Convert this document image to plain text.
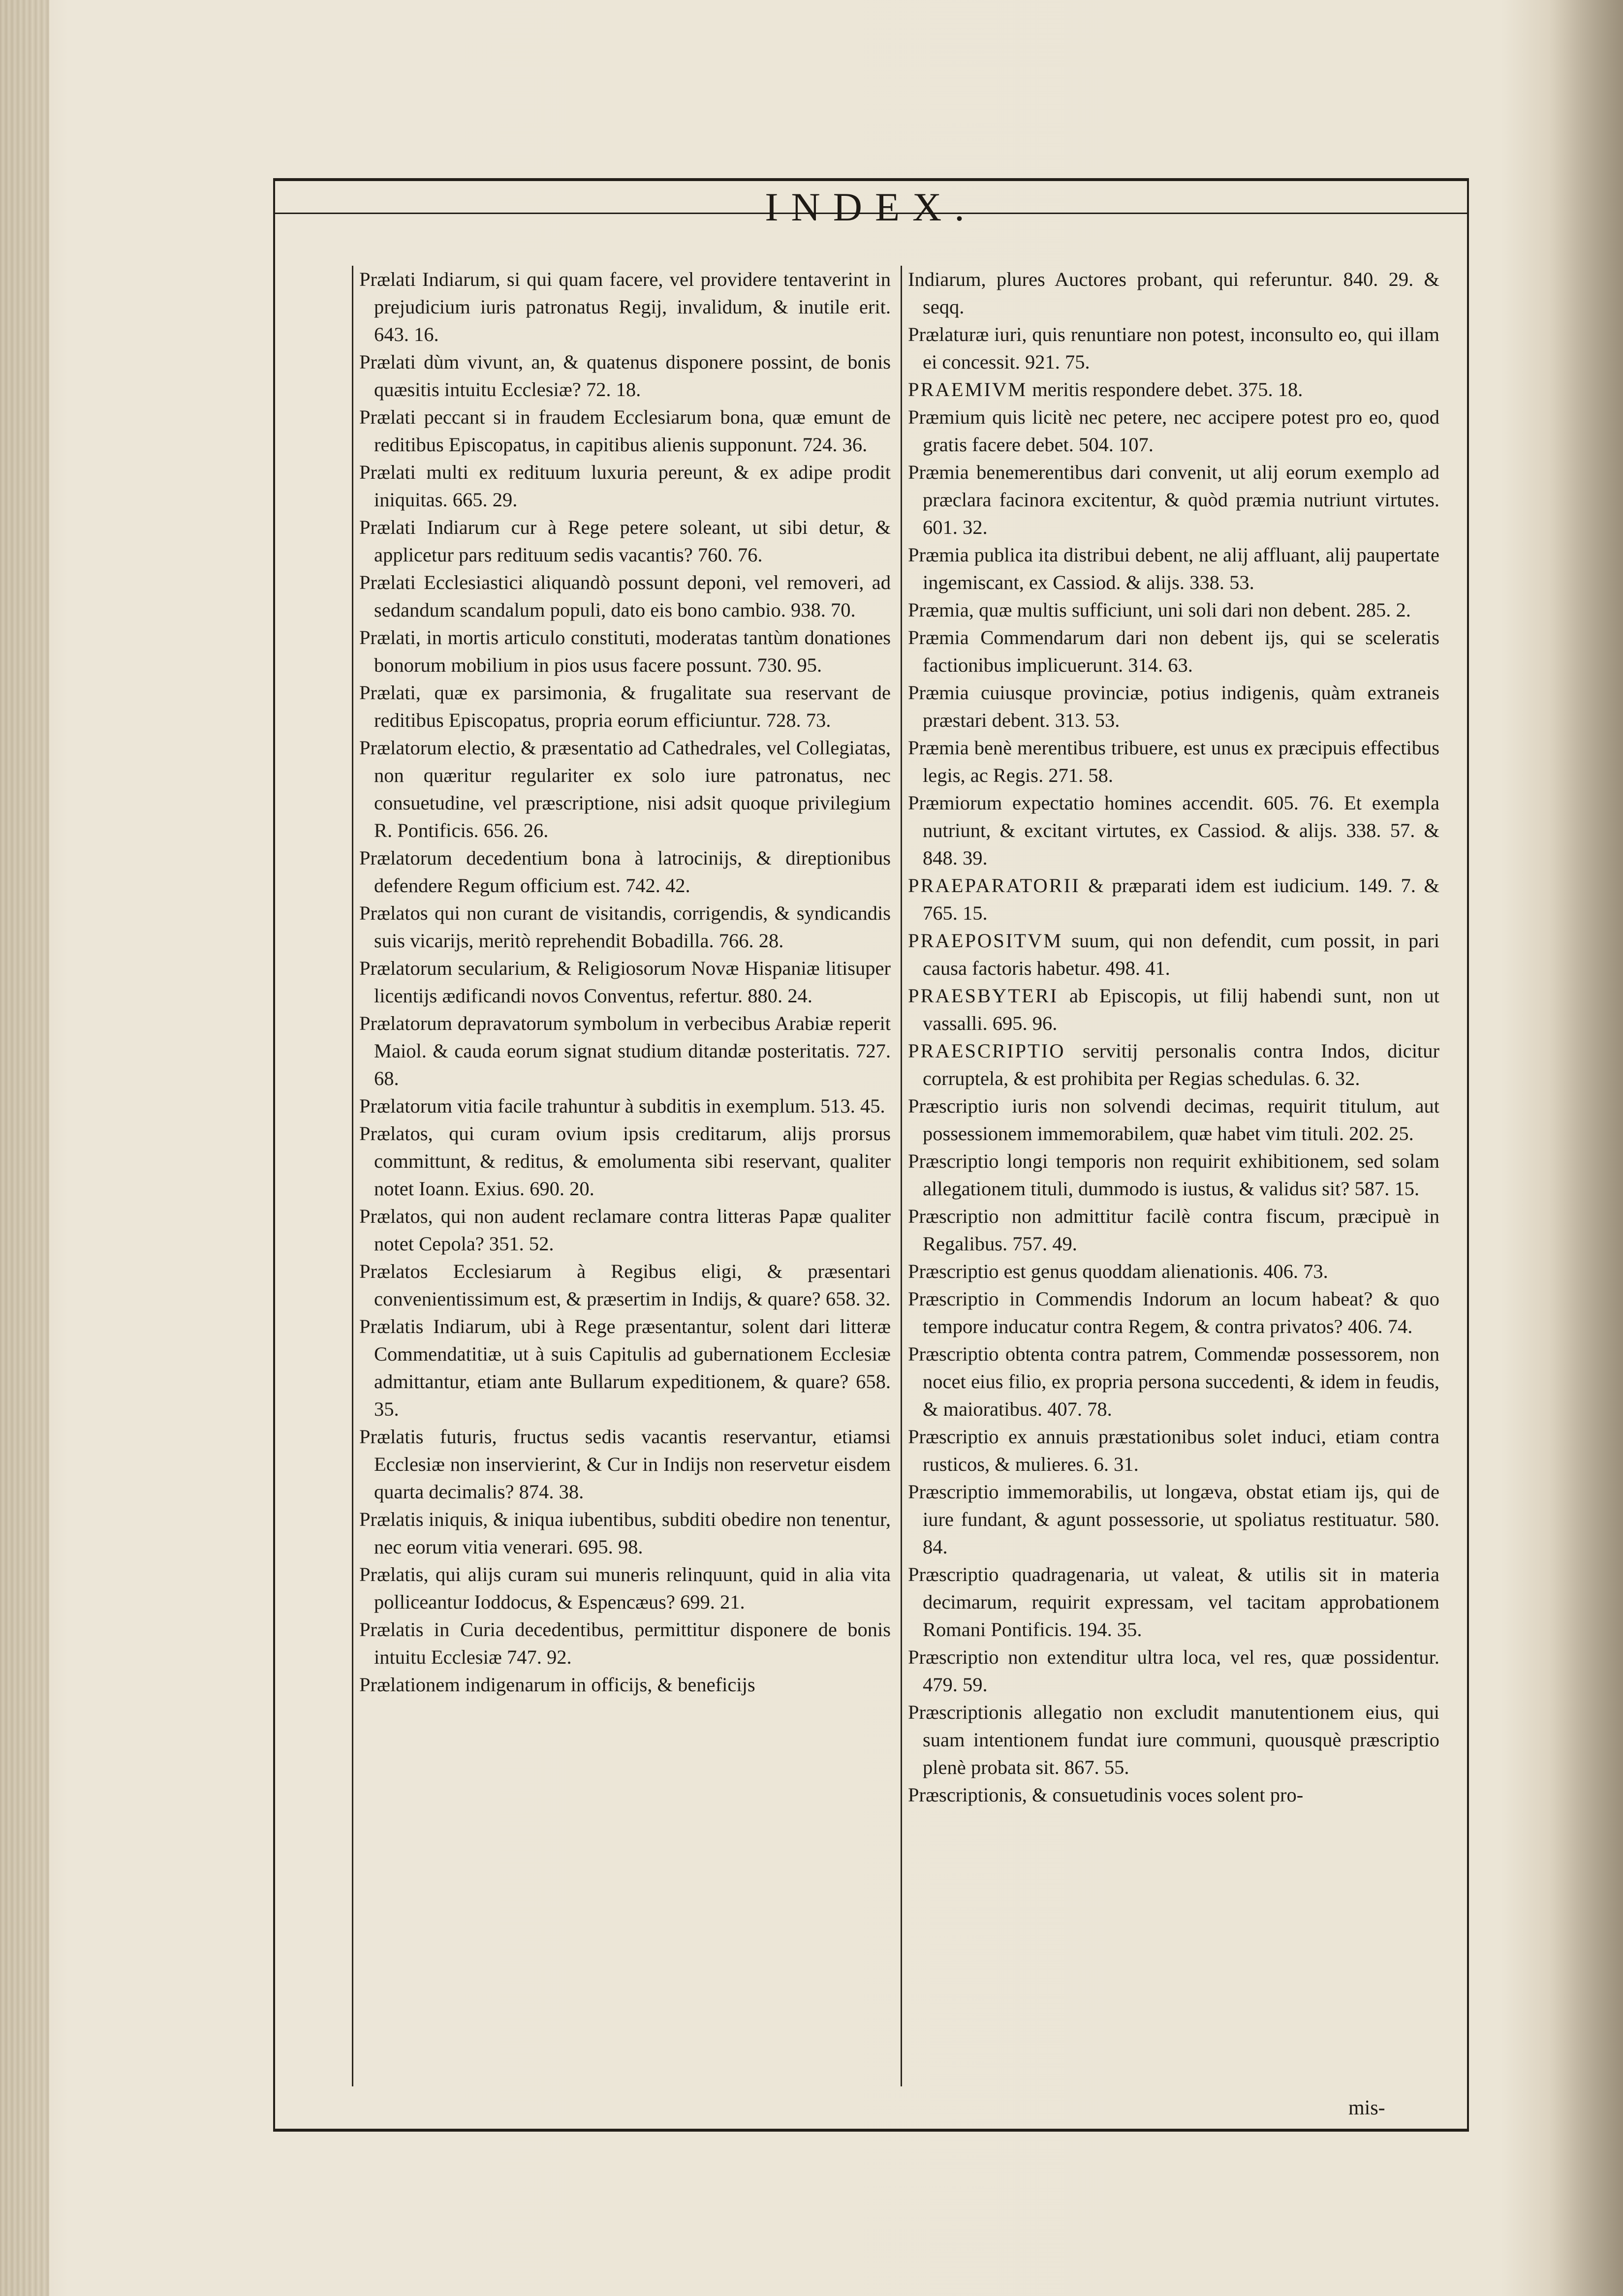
INDEX.

Prælati Indiarum, si qui quam facere, vel providere tentaverint in prejudicium iuris patronatus Regij, invalidum, & inutile erit. 643. 16.

Prælati dùm vivunt, an, & quatenus disponere possint, de bonis quæsitis intuitu Ecclesiæ? 72. 18.

Prælati peccant si in fraudem Ecclesiarum bona, quæ emunt de reditibus Episcopatus, in capitibus alienis supponunt. 724. 36.

Prælati multi ex redituum luxuria pereunt, & ex adipe prodit iniquitas. 665. 29.

Prælati Indiarum cur à Rege petere soleant, ut sibi detur, & applicetur pars redituum sedis vacantis? 760. 76.

Prælati Ecclesiastici aliquandò possunt deponi, vel removeri, ad sedandum scandalum populi, dato eis bono cambio. 938. 70.

Prælati, in mortis articulo constituti, moderatas tantùm donationes bonorum mobilium in pios usus facere possunt. 730. 95.

Prælati, quæ ex parsimonia, & frugalitate sua reservant de reditibus Episcopatus, propria eorum efficiuntur. 728. 73.

Prælatorum electio, & præsentatio ad Cathedrales, vel Collegiatas, non quæritur regulariter ex solo iure patronatus, nec consuetudine, vel præscriptione, nisi adsit quoque privilegium R. Pontificis. 656. 26.

Prælatorum decedentium bona à latrocinijs, & direptionibus defendere Regum officium est. 742. 42.

Prælatos qui non curant de visitandis, corrigendis, & syndicandis suis vicarijs, meritò reprehendit Bobadilla. 766. 28.

Prælatorum secularium, & Religiosorum Novæ Hispaniæ litisuper licentijs ædificandi novos Conventus, refertur. 880. 24.

Prælatorum depravatorum symbolum in verbecibus Arabiæ reperit Maiol. & cauda eorum signat studium ditandæ posteritatis. 727. 68.

Prælatorum vitia facile trahuntur à subditis in exemplum. 513. 45.

Prælatos, qui curam ovium ipsis creditarum, alijs prorsus committunt, & reditus, & emolumenta sibi reservant, qualiter notet Ioann. Exius. 690. 20.

Prælatos, qui non audent reclamare contra litteras Papæ qualiter notet Cepola? 351. 52.

Prælatos Ecclesiarum à Regibus eligi, & præsentari convenientissimum est, & præsertim in Indijs, & quare? 658. 32.

Prælatis Indiarum, ubi à Rege præsentantur, solent dari litteræ Commendatitiæ, ut à suis Capitulis ad gubernationem Ecclesiæ admittantur, etiam ante Bullarum expeditionem, & quare? 658. 35.

Prælatis futuris, fructus sedis vacantis reservantur, etiamsi Ecclesiæ non inservierint, & Cur in Indijs non reservetur eisdem quarta decimalis? 874. 38.

Prælatis iniquis, & iniqua iubentibus, subditi obedire non tenentur, nec eorum vitia venerari. 695. 98.

Prælatis, qui alijs curam sui muneris relinquunt, quid in alia vita polliceantur Ioddocus, & Espencæus? 699. 21.

Prælatis in Curia decedentibus, permittitur disponere de bonis intuitu Ecclesiæ 747. 92.

Prælationem indigenarum in officijs, & beneficijs

Indiarum, plures Auctores probant, qui referuntur. 840. 29. & seqq.

Prælaturæ iuri, quis renuntiare non potest, inconsulto eo, qui illam ei concessit. 921. 75.

PRAEMIVM meritis respondere debet. 375. 18.

Præmium quis licitè nec petere, nec accipere potest pro eo, quod gratis facere debet. 504. 107.

Præmia benemerentibus dari convenit, ut alij eorum exemplo ad præclara facinora excitentur, & quòd præmia nutriunt virtutes. 601. 32.

Præmia publica ita distribui debent, ne alij affluant, alij paupertate ingemiscant, ex Cassiod. & alijs. 338. 53.

Præmia, quæ multis sufficiunt, uni soli dari non debent. 285. 2.

Præmia Commendarum dari non debent ijs, qui se sceleratis factionibus implicuerunt. 314. 63.

Præmia cuiusque provinciæ, potius indigenis, quàm extraneis præstari debent. 313. 53.

Præmia benè merentibus tribuere, est unus ex præcipuis effectibus legis, ac Regis. 271. 58.

Præmiorum expectatio homines accendit. 605. 76. Et exempla nutriunt, & excitant virtutes, ex Cassiod. & alijs. 338. 57. & 848. 39.

PRAEPARATORII & præparati idem est iudicium. 149. 7. & 765. 15.

PRAEPOSITVM suum, qui non defendit, cum possit, in pari causa factoris habetur. 498. 41.

PRAESBYTERI ab Episcopis, ut filij habendi sunt, non ut vassalli. 695. 96.

PRAESCRIPTIO servitij personalis contra Indos, dicitur corruptela, & est prohibita per Regias schedulas. 6. 32.

Præscriptio iuris non solvendi decimas, requirit titulum, aut possessionem immemorabilem, quæ habet vim tituli. 202. 25.

Præscriptio longi temporis non requirit exhibitionem, sed solam allegationem tituli, dummodo is iustus, & validus sit? 587. 15.

Præscriptio non admittitur facilè contra fiscum, præcipuè in Regalibus. 757. 49.

Præscriptio est genus quoddam alienationis. 406. 73.

Præscriptio in Commendis Indorum an locum habeat? & quo tempore inducatur contra Regem, & contra privatos? 406. 74.

Præscriptio obtenta contra patrem, Commendæ possessorem, non nocet eius filio, ex propria persona succedenti, & idem in feudis, & maioratibus. 407. 78.

Præscriptio ex annuis præstationibus solet induci, etiam contra rusticos, & mulieres. 6. 31.

Præscriptio immemorabilis, ut longæva, obstat etiam ijs, qui de iure fundant, & agunt possessorie, ut spoliatus restituatur. 580. 84.

Præscriptio quadragenaria, ut valeat, & utilis sit in materia decimarum, requirit expressam, vel tacitam approbationem Romani Pontificis. 194. 35.

Præscriptio non extenditur ultra loca, vel res, quæ possidentur. 479. 59.

Præscriptionis allegatio non excludit manutentionem eius, qui suam intentionem fundat iure communi, quousquè præscriptio plenè probata sit. 867. 55.

Præscriptionis, & consuetudinis voces solent pro-

mis-
